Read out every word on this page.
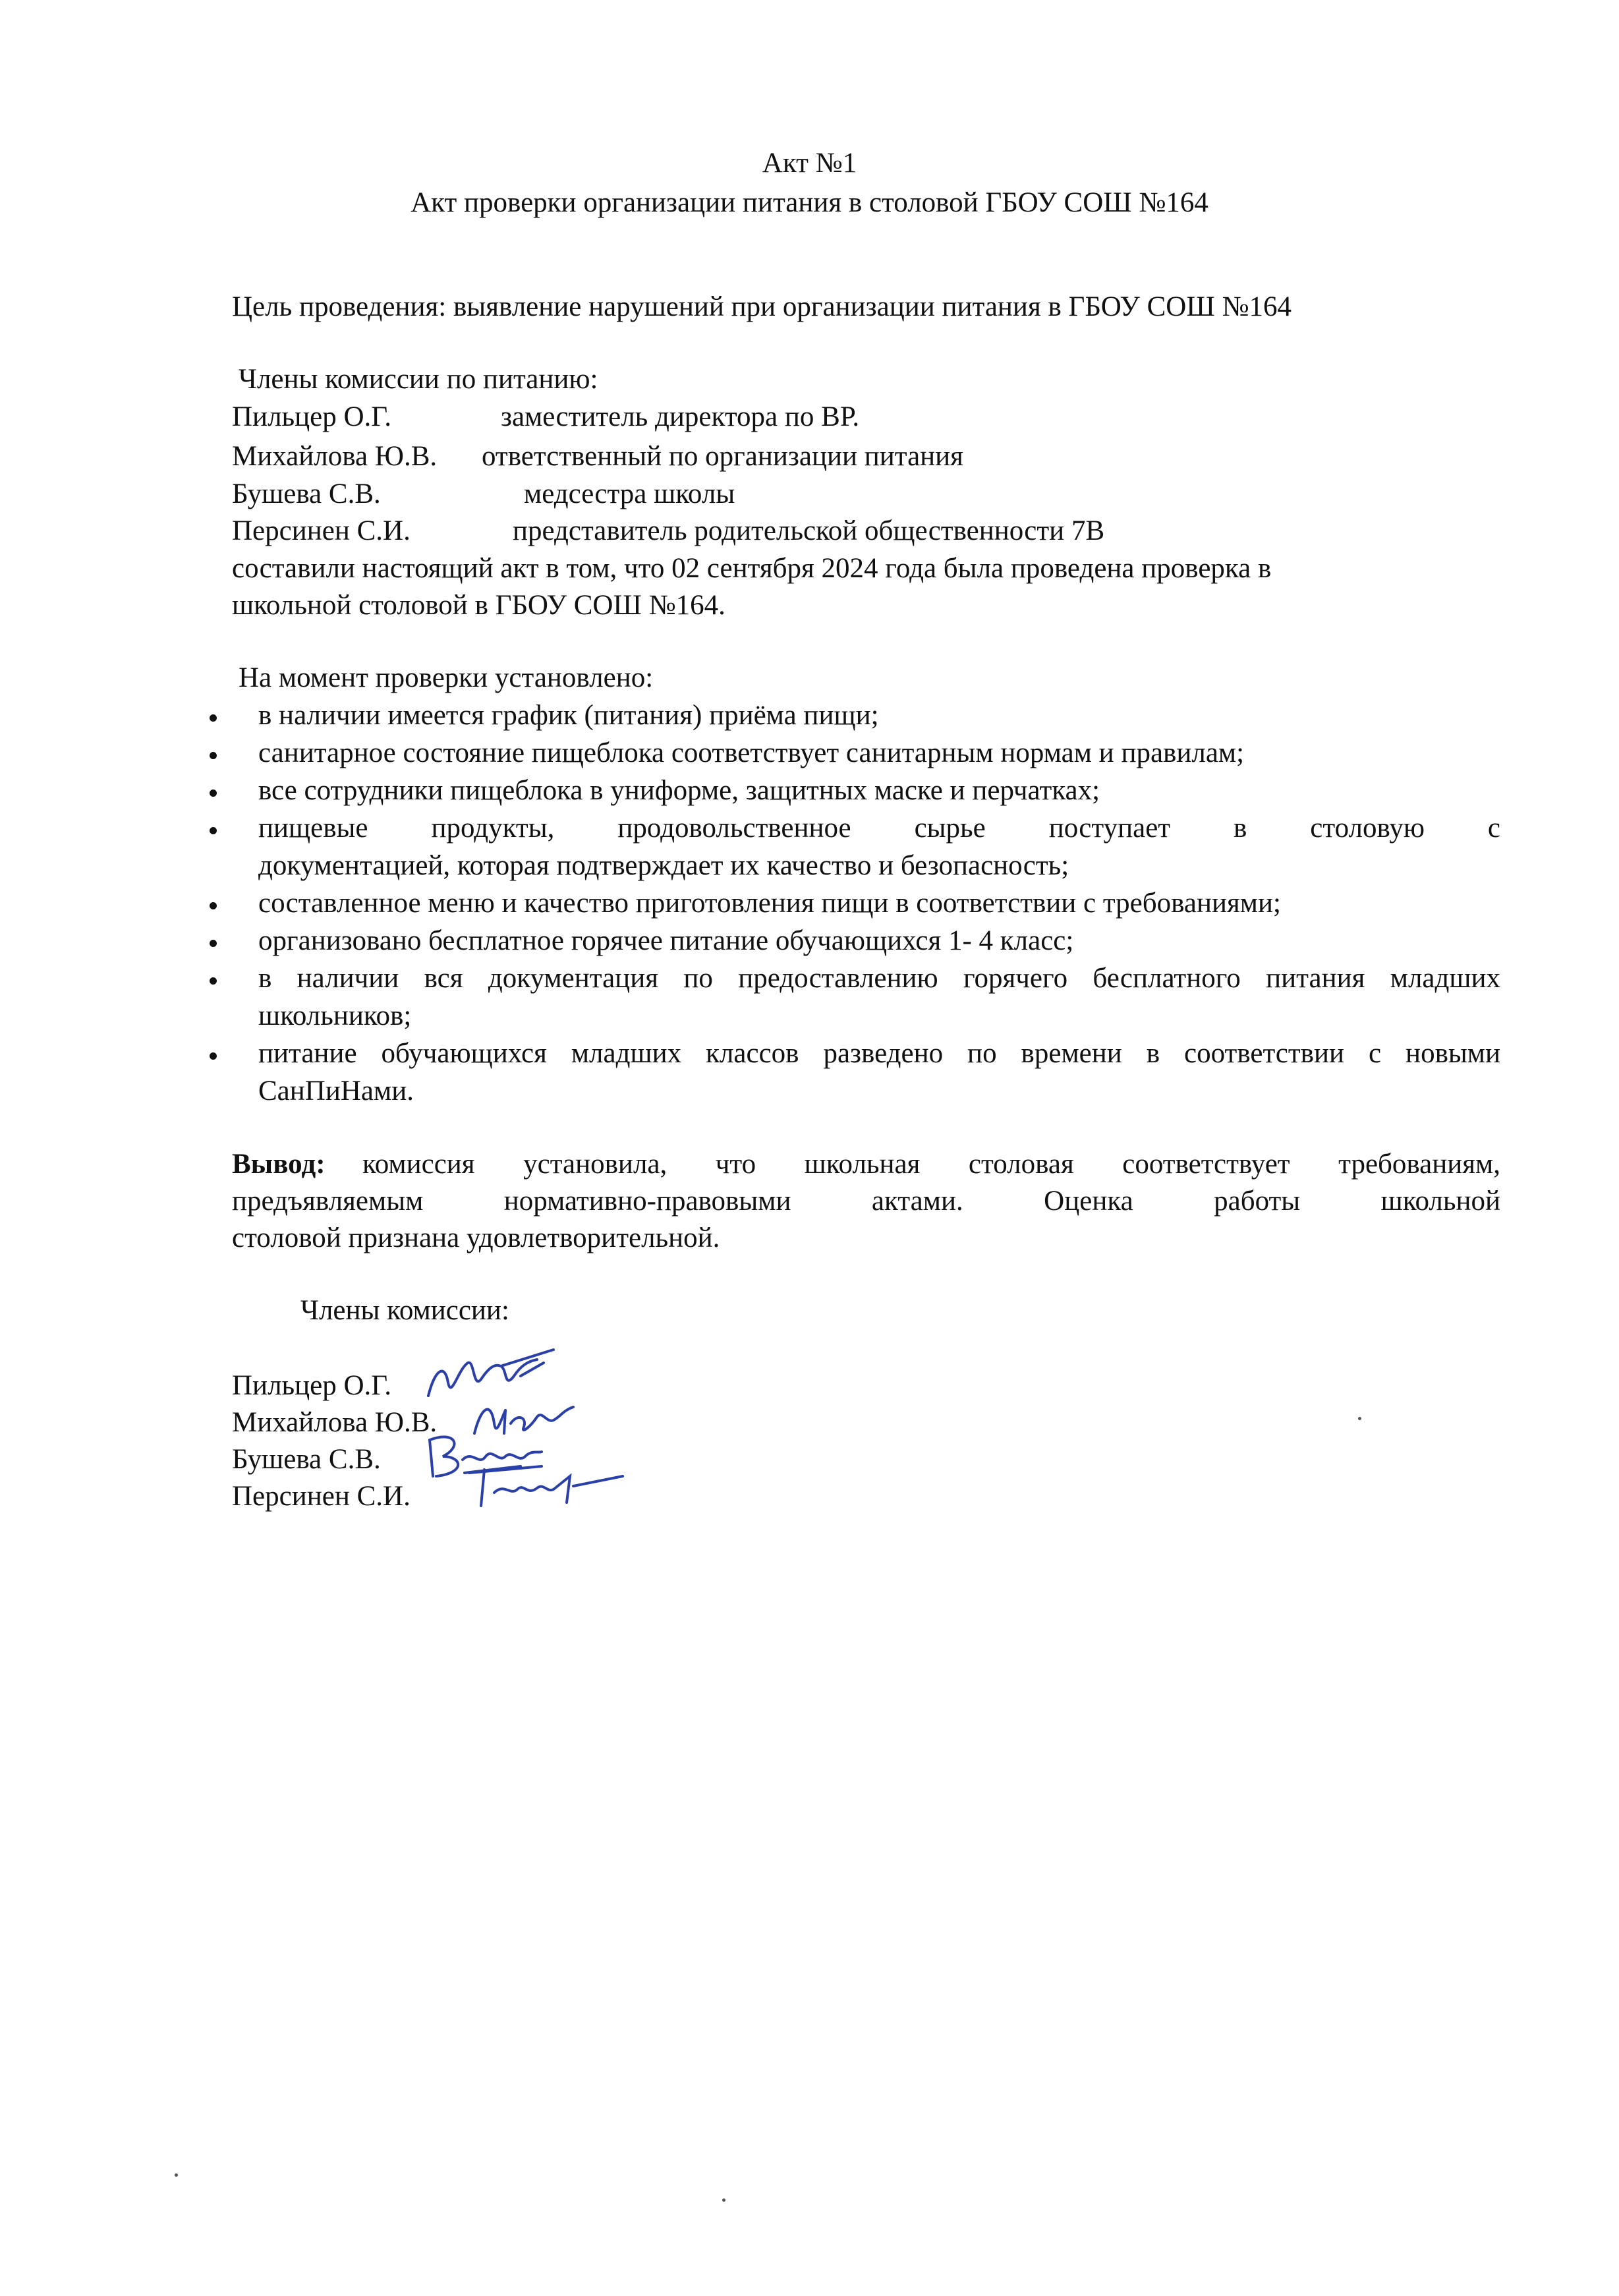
Акт №1
Акт проверки организации питания в столовой ГБОУ СОШ №164
Цель проведения: выявление нарушений при организации питания в ГБОУ СОШ №164
Члены комиссии по питанию:
Пильцер О.Г.	заместитель директора по ВР.
Михайлова Ю.В. ответственный по организации питания
Бушева С.В.	медсестра школы
Персинен С.И.	представитель родительской общественности 7В
составили настоящий акт в том, что 02 сентября 2024 года была проведена проверка в
школьной столовой в ГБОУ СОШ №164.
На момент проверки установлено:
в наличии имеется график (питания) приёма пищи;
санитарное состояние пищеблока соответствует санитарным нормам и правилам;
все сотрудники пищеблока в униформе, защитных маске и перчатках;
пищевые продукты, продовольственное сырье поступает в столовую с
документацией, которая подтверждает их качество и безопасность;
составленное меню и качество приготовления пищи в соответствии с требованиями;
организовано бесплатное горячее питание обучающихся 1- 4 класс;
в наличии вся документация по предоставлению горячего бесплатного питания младших
школьников;
питание обучающихся младших классов разведено по времени в соответствии с новыми
СанПиНами.
Вывод: комиссия установила, что школьная столовая соответствует требованиям,
предъявляемым нормативно-правовыми актами. Оценка работы школьной
столовой признана удовлетворительной.
Члены комиссии:
Пильцер О.Г.
Михайлова Ю.В.
Бушева С.В.
Персинен С.И.
